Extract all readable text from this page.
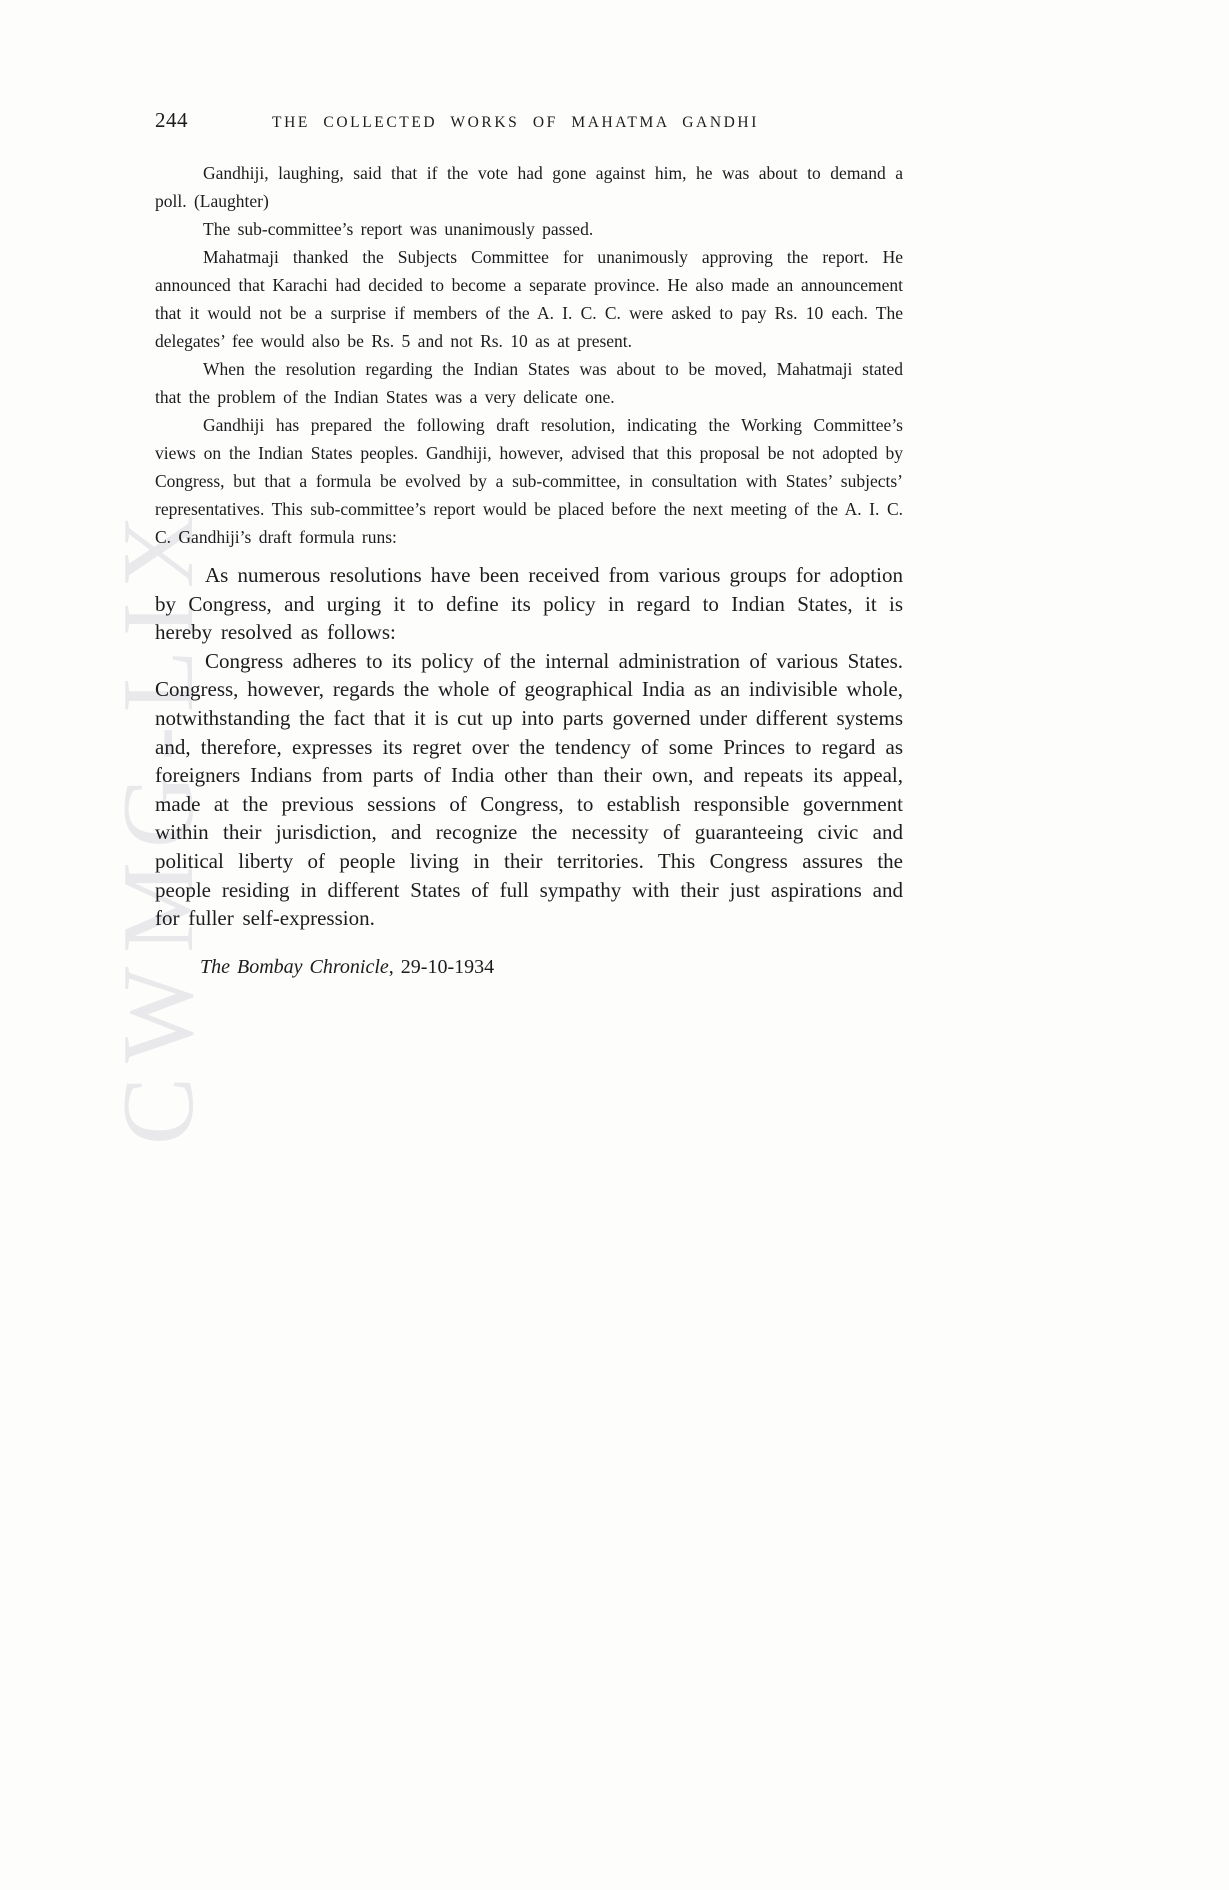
CWMG-LIX
244	THE COLLECTED WORKS OF MAHATMA GANDHI

Gandhiji, laughing, said that if the vote had gone against him, he was about to demand a poll. (Laughter)

The sub-committee’s report was unanimously passed.

Mahatmaji thanked the Subjects Committee for unanimously approving the report. He announced that Karachi had decided to become a separate province. He also made an announcement that it would not be a surprise if members of the A. I. C. C. were asked to pay Rs. 10 each. The delegates’ fee would also be Rs. 5 and not Rs. 10 as at present.

When the resolution regarding the Indian States was about to be moved, Mahatmaji stated that the problem of the Indian States was a very delicate one.

Gandhiji has prepared the following draft resolution, indicating the Working Committee’s views on the Indian States peoples. Gandhiji, however, advised that this proposal be not adopted by Congress, but that a formula be evolved by a sub-committee, in consultation with States’ subjects’ representatives. This sub-committee’s report would be placed before the next meeting of the A. I. C. C. Gandhiji’s draft formula runs:

As numerous resolutions have been received from various groups for adoption by Congress, and urging it to define its policy in regard to Indian States, it is hereby resolved as follows:

Congress adheres to its policy of the internal administration of various States. Congress, however, regards the whole of geographical India as an indivisible whole, notwithstanding the fact that it is cut up into parts governed under different systems and, therefore, expresses its regret over the tendency of some Princes to regard as foreigners Indians from parts of India other than their own, and repeats its appeal, made at the previous sessions of Congress, to establish responsible government within their jurisdiction, and recognize the necessity of guaranteeing civic and political liberty of people living in their territories. This Congress assures the people residing in different States of full sympathy with their just aspirations and for fuller self-expression.

The Bombay Chronicle, 29-10-1934
